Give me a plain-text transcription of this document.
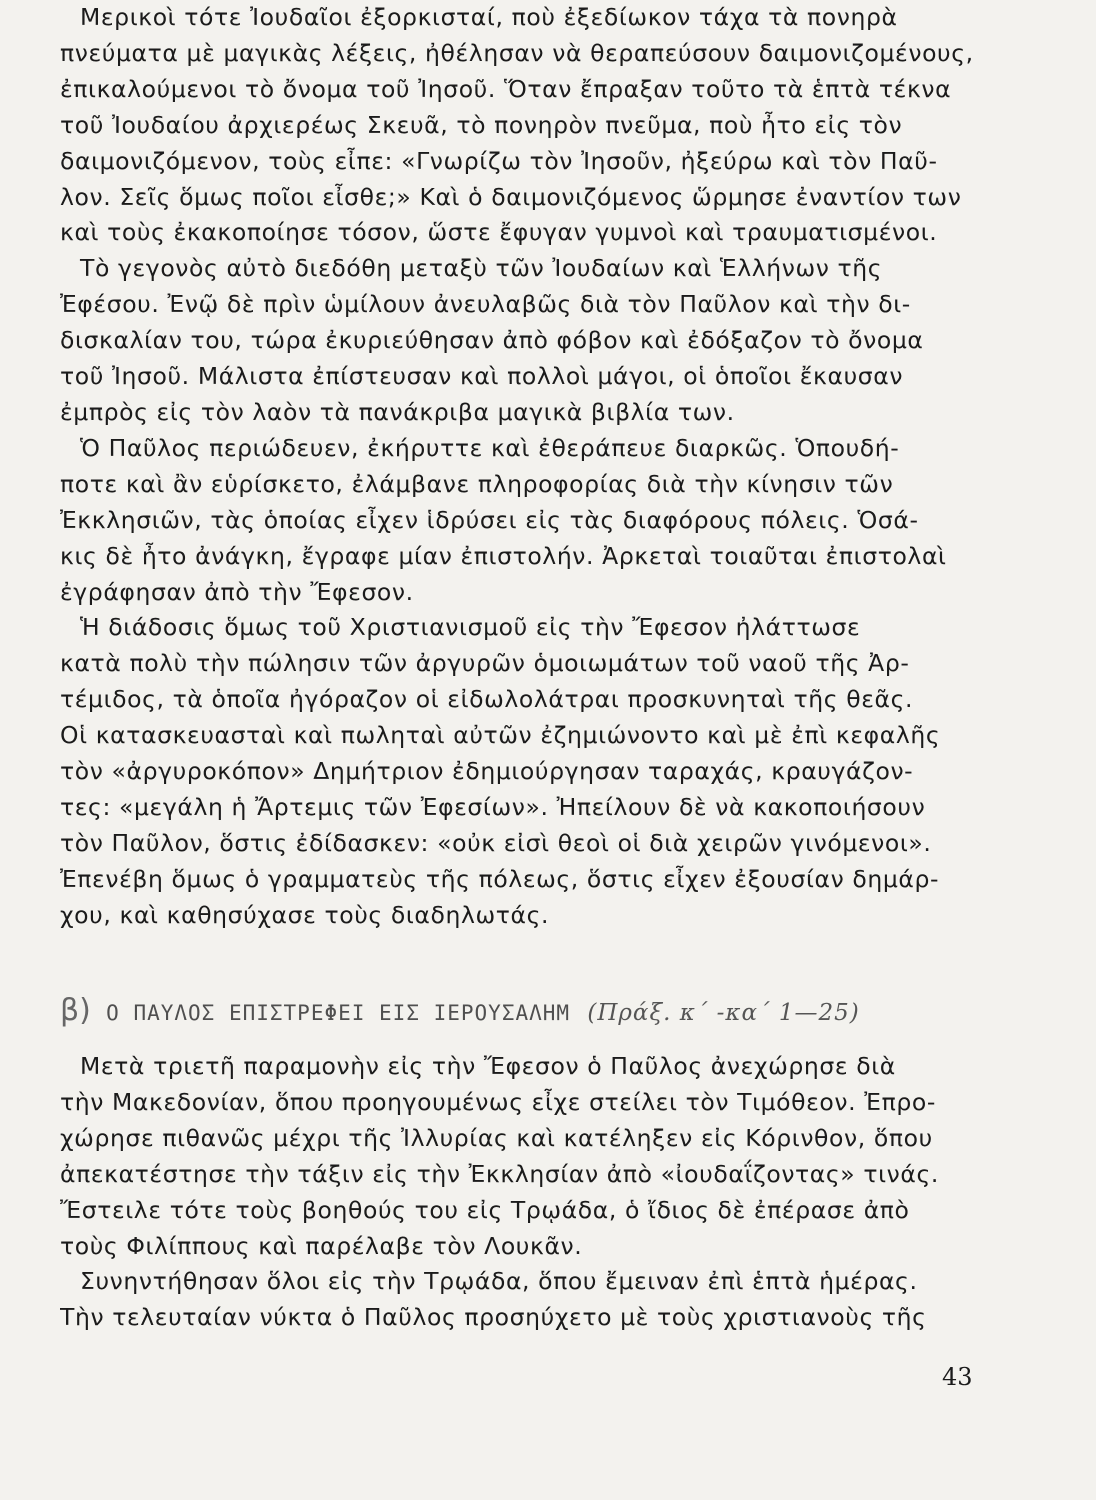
Μερικοὶ τότε Ἰουδαῖοι ἐξορκισταί, ποὺ ἐξεδίωκον τάχα τὰ πονηρὰ
πνεύματα μὲ μαγικὰς λέξεις, ἠθέλησαν νὰ θεραπεύσουν δαιμονιζομένους,
ἐπικαλούμενοι τὸ ὄνομα τοῦ Ἰησοῦ. Ὅταν ἔπραξαν τοῦτο τὰ ἑπτὰ τέκνα
τοῦ Ἰουδαίου ἀρχιερέως Σκευᾶ, τὸ πονηρὸν πνεῦμα, ποὺ ἦτο εἰς τὸν
δαιμονιζόμενον, τοὺς εἶπε: «Γνωρίζω τὸν Ἰησοῦν, ἠξεύρω καὶ τὸν Παῦ-
λον. Σεῖς ὅμως ποῖοι εἶσθε;» Καὶ ὁ δαιμονιζόμενος ὥρμησε ἐναντίον των
καὶ τοὺς ἐκακοποίησε τόσον, ὥστε ἔφυγαν γυμνοὶ καὶ τραυματισμένοι.
Τὸ γεγονὸς αὐτὸ διεδόθη μεταξὺ τῶν Ἰουδαίων καὶ Ἑλλήνων τῆς
Ἐφέσου. Ἐνῷ δὲ πρὶν ὡμίλουν ἀνευλαβῶς διὰ τὸν Παῦλον καὶ τὴν δι-
δισκαλίαν του, τώρα ἐκυριεύθησαν ἀπὸ φόβον καὶ ἐδόξαζον τὸ ὄνομα
τοῦ Ἰησοῦ. Μάλιστα ἐπίστευσαν καὶ πολλοὶ μάγοι, οἱ ὁποῖοι ἔκαυσαν
ἐμπρὸς εἰς τὸν λαὸν τὰ πανάκριβα μαγικὰ βιβλία των.
Ὁ Παῦλος περιώδευεν, ἐκήρυττε καὶ ἐθεράπευε διαρκῶς. Ὁπουδή-
ποτε καὶ ἂν εὑρίσκετο, ἐλάμβανε πληροφορίας διὰ τὴν κίνησιν τῶν
Ἐκκλησιῶν, τὰς ὁποίας εἶχεν ἱδρύσει εἰς τὰς διαφόρους πόλεις. Ὁσά-
κις δὲ ἦτο ἀνάγκη, ἔγραφε μίαν ἐπιστολήν. Ἀρκεταὶ τοιαῦται ἐπιστολαὶ
ἐγράφησαν ἀπὸ τὴν Ἔφεσον.
Ἡ διάδοσις ὅμως τοῦ Χριστιανισμοῦ εἰς τὴν Ἔφεσον ἠλάττωσε
κατὰ πολὺ τὴν πώλησιν τῶν ἀργυρῶν ὁμοιωμάτων τοῦ ναοῦ τῆς Ἀρ-
τέμιδος, τὰ ὁποῖα ἠγόραζον οἱ εἰδωλολάτραι προσκυνηταὶ τῆς θεᾶς.
Οἱ κατασκευασταὶ καὶ πωληταὶ αὐτῶν ἐζημιώνοντο καὶ μὲ ἐπὶ κεφαλῆς
τὸν «ἀργυροκόπον» Δημήτριον ἐδημιούργησαν ταραχάς, κραυγάζον-
τες: «μεγάλη ἡ Ἄρτεμις τῶν Ἐφεσίων». Ἠπείλουν δὲ νὰ κακοποιήσουν
τὸν Παῦλον, ὅστις ἐδίδασκεν: «οὐκ εἰσὶ θεοὶ οἱ διὰ χειρῶν γινόμενοι».
Ἐπενέβη ὅμως ὁ γραμματεὺς τῆς πόλεως, ὅστις εἶχεν ἐξουσίαν δημάρ-
χου, καὶ καθησύχασε τοὺς διαδηλωτάς.
β) Ο ΠΑΥΛΟΣ ΕΠΙΣΤΡΕΦΕΙ ΕΙΣ ΙΕΡΟΥΣΑΛΗΜ (Πράξ. κ΄ -κα΄ 1—25)
Μετὰ τριετῆ παραμονὴν εἰς τὴν Ἔφεσον ὁ Παῦλος ἀνεχώρησε διὰ
τὴν Μακεδονίαν, ὅπου προηγουμένως εἶχε στείλει τὸν Τιμόθεον. Ἐπρο-
χώρησε πιθανῶς μέχρι τῆς Ἰλλυρίας καὶ κατέληξεν εἰς Κόρινθον, ὅπου
ἀπεκατέστησε τὴν τάξιν εἰς τὴν Ἐκκλησίαν ἀπὸ «ἰουδαΐζοντας» τινάς.
Ἔστειλε τότε τοὺς βοηθούς του εἰς Τρῳάδα, ὁ ἴδιος δὲ ἐπέρασε ἀπὸ
τοὺς Φιλίππους καὶ παρέλαβε τὸν Λουκᾶν.
Συνηντήθησαν ὅλοι εἰς τὴν Τρῳάδα, ὅπου ἔμειναν ἐπὶ ἑπτὰ ἡμέρας.
Τὴν τελευταίαν νύκτα ὁ Παῦλος προσηύχετο μὲ τοὺς χριστιανοὺς τῆς
43
